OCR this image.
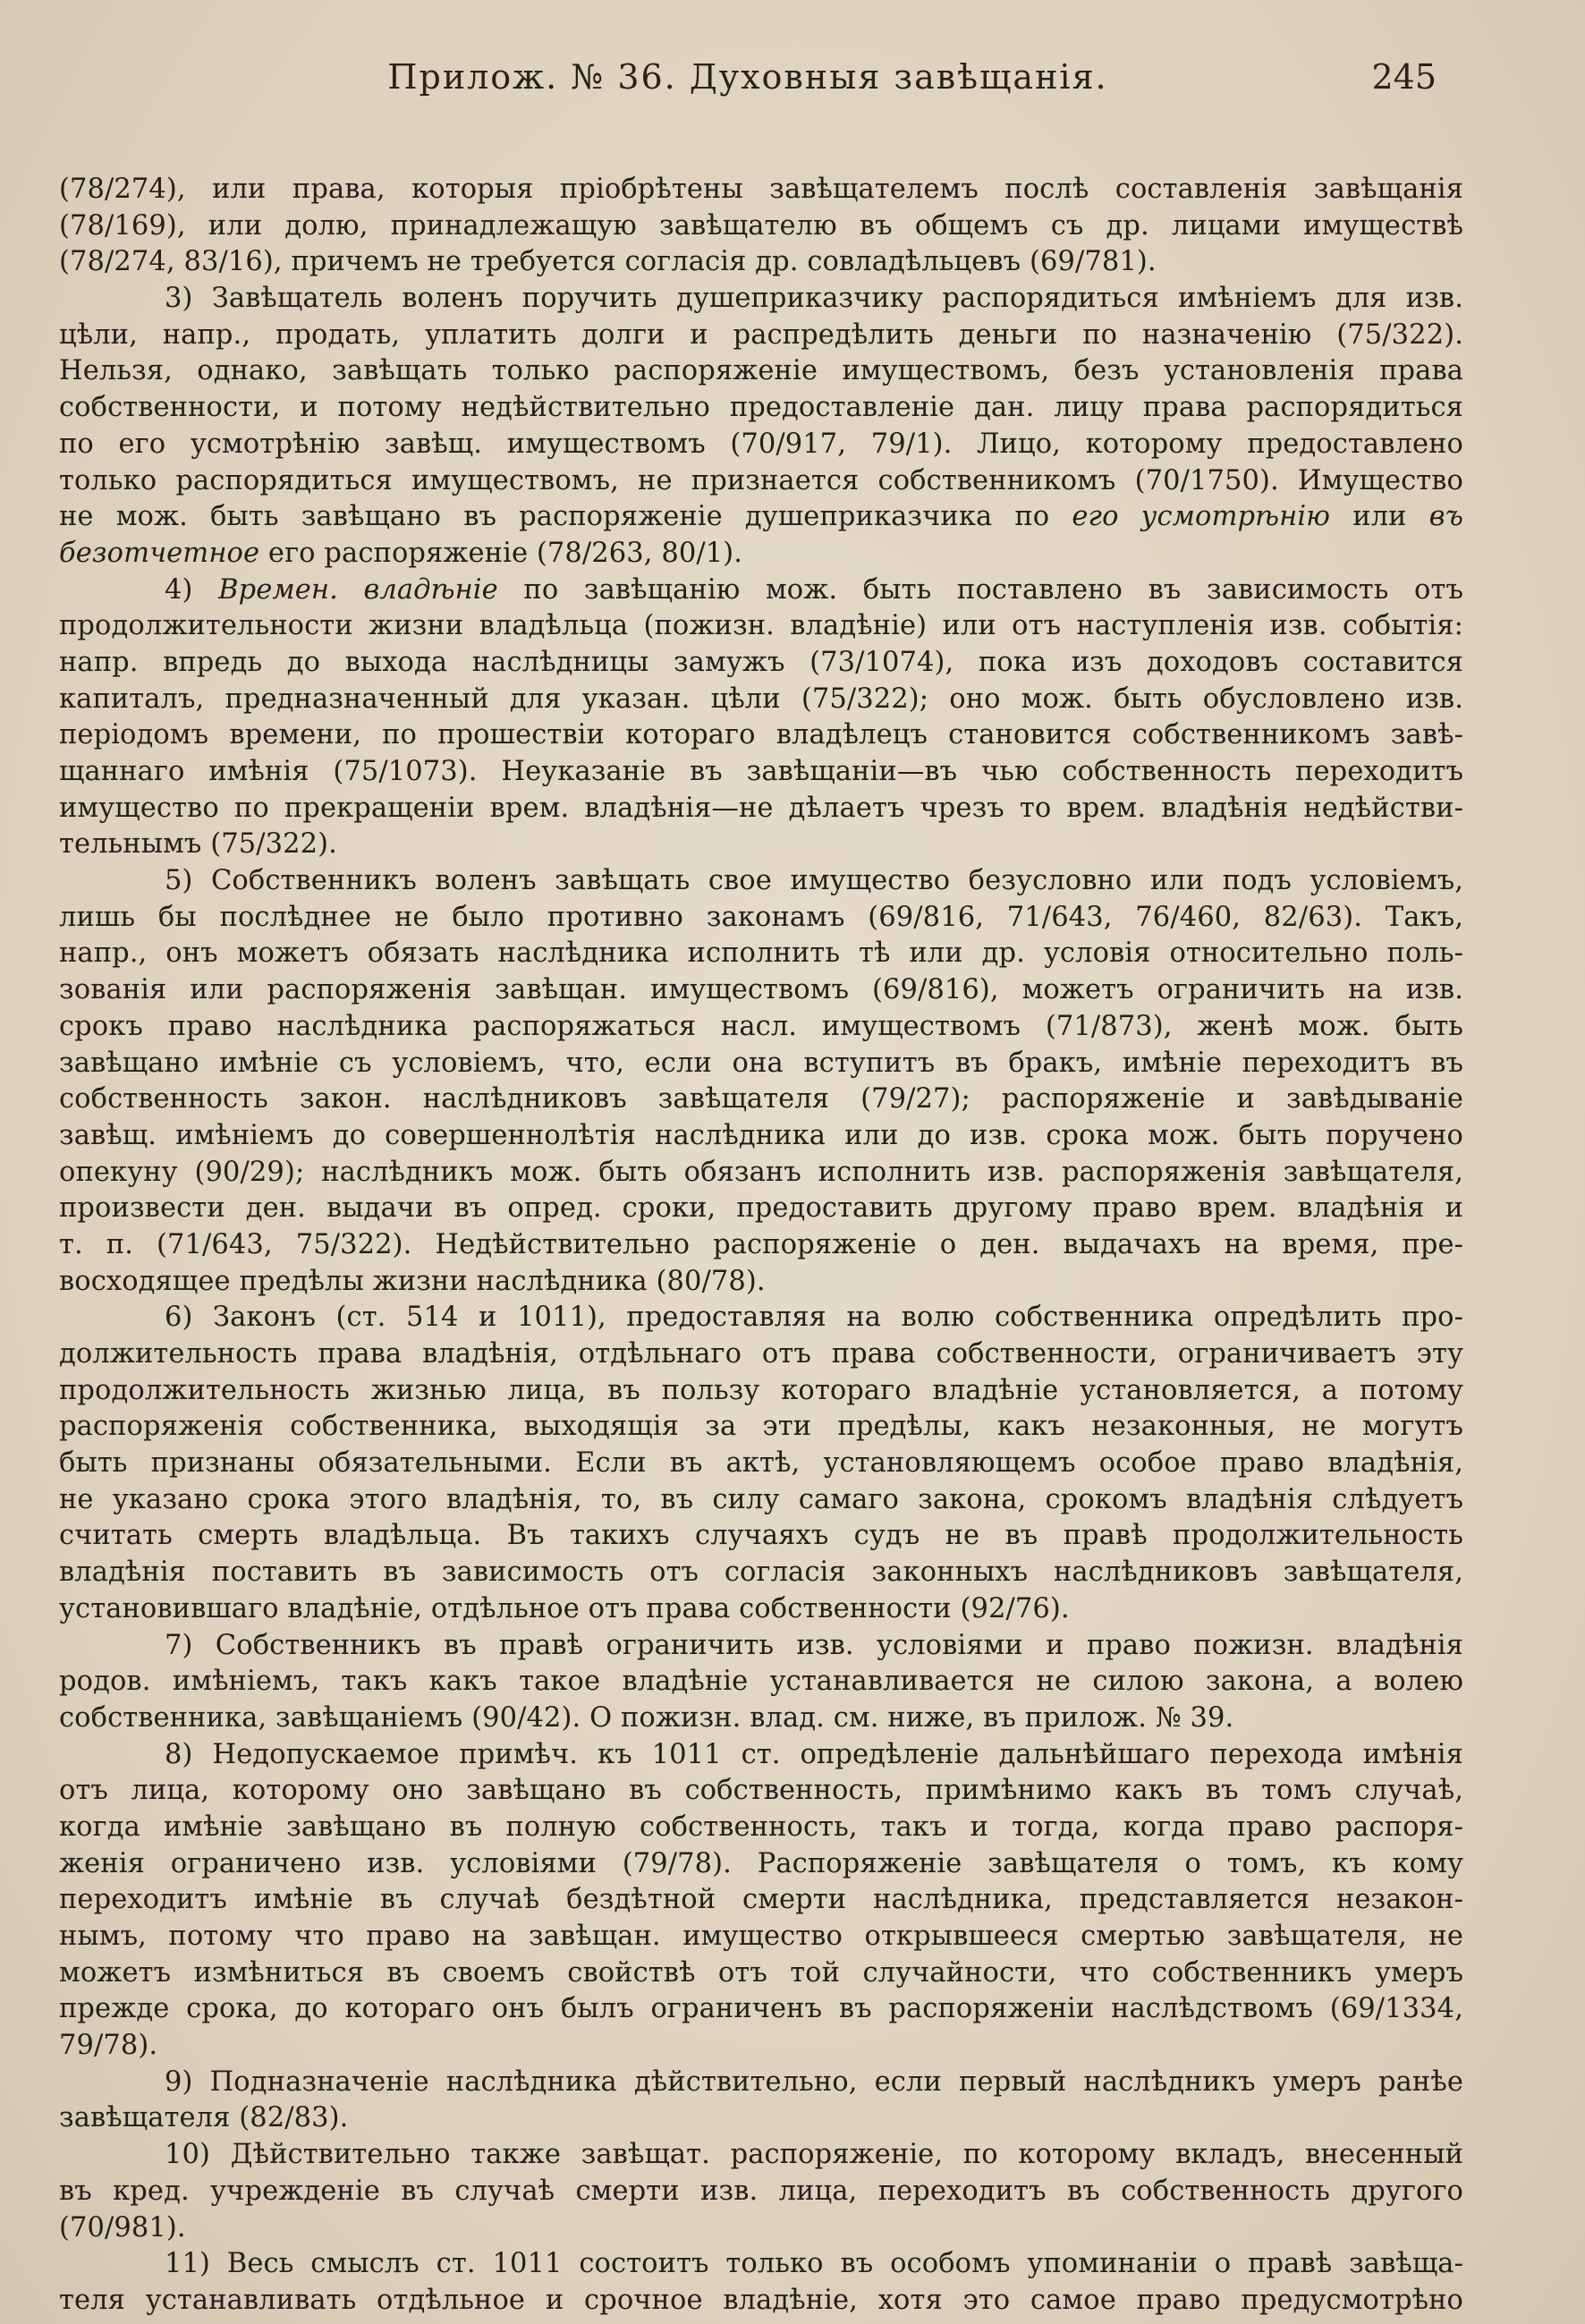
Прилож. № 36. Духовныя завѣщанія.	245
(78/274), или права, которыя пріобрѣтены завѣщателемъ послѣ составленія завѣщанія
(78/169), или долю, принадлежащую завѣщателю въ общемъ съ др. лицами имуществѣ
(78/274, 83/16), причемъ не требуется согласія др. совладѣльцевъ (69/781).
3) Завѣщатель воленъ поручить душеприказчику распорядиться имѣніемъ для изв.
цѣли, напр., продать, уплатить долги и распредѣлить деньги по назначенію (75/322).
Нельзя, однако, завѣщать только распоряженіе имуществомъ, безъ установленія права
собственности, и потому недѣйствительно предоставленіе дан. лицу права распорядиться
по его усмотрѣнію завѣщ. имуществомъ (70/917, 79/1). Лицо, которому предоставлено
только распорядиться имуществомъ, не признается собственникомъ (70/1750). Имущество
не мож. быть завѣщано въ распоряженіе душеприказчика по его усмотрѣнію или въ
безотчетное его распоряженіе (78/263, 80/1).
4) Времен. владѣніе по завѣщанію мож. быть поставлено въ зависимость отъ
продолжительности жизни владѣльца (пожизн. владѣніе) или отъ наступленія изв. событія:
напр. впредь до выхода наслѣдницы замужъ (73/1074), пока изъ доходовъ составится
капиталъ, предназначенный для указан. цѣли (75/322); оно мож. быть обусловлено изв.
періодомъ времени, по прошествіи котораго владѣлецъ становится собственникомъ завѣ-
щаннаго имѣнія (75/1073). Неуказаніе въ завѣщаніи—въ чью собственность переходитъ
имущество по прекращеніи врем. владѣнія—не дѣлаетъ чрезъ то врем. владѣнія недѣйстви-
тельнымъ (75/322).
5) Собственникъ воленъ завѣщать свое имущество безусловно или подъ условіемъ,
лишь бы послѣднее не было противно законамъ (69/816, 71/643, 76/460, 82/63). Такъ,
напр., онъ можетъ обязать наслѣдника исполнить тѣ или др. условія относительно поль-
зованія или распоряженія завѣщан. имуществомъ (69/816), можетъ ограничить на изв.
срокъ право наслѣдника распоряжаться насл. имуществомъ (71/873), женѣ мож. быть
завѣщано имѣніе съ условіемъ, что, если она вступитъ въ бракъ, имѣніе переходитъ въ
собственность закон. наслѣдниковъ завѣщателя (79/27); распоряженіе и завѣдываніе
завѣщ. имѣніемъ до совершеннолѣтія наслѣдника или до изв. срока мож. быть поручено
опекуну (90/29); наслѣдникъ мож. быть обязанъ исполнить изв. распоряженія завѣщателя,
произвести ден. выдачи въ опред. сроки, предоставить другому право врем. владѣнія и
т. п. (71/643, 75/322). Недѣйствительно распоряженіе о ден. выдачахъ на время, пре-
восходящее предѣлы жизни наслѣдника (80/78).
6) Законъ (ст. 514 и 1011), предоставляя на волю собственника опредѣлить про-
должительность права владѣнія, отдѣльнаго отъ права собственности, ограничиваетъ эту
продолжительность жизнью лица, въ пользу котораго владѣніе установляется, а потому
распоряженія собственника, выходящія за эти предѣлы, какъ незаконныя, не могутъ
быть признаны обязательными. Если въ актѣ, установляющемъ особое право владѣнія,
не указано срока этого владѣнія, то, въ силу самаго закона, срокомъ владѣнія слѣдуетъ
считать смерть владѣльца. Въ такихъ случаяхъ судъ не въ правѣ продолжительность
владѣнія поставить въ зависимость отъ согласія законныхъ наслѣдниковъ завѣщателя,
установившаго владѣніе, отдѣльное отъ права собственности (92/76).
7) Собственникъ въ правѣ ограничить изв. условіями и право пожизн. владѣнія
родов. имѣніемъ, такъ какъ такое владѣніе устанавливается не силою закона, а волею
собственника, завѣщаніемъ (90/42). О пожизн. влад. см. ниже, въ прилож. № 39.
8) Недопускаемое примѣч. къ 1011 ст. опредѣленіе дальнѣйшаго перехода имѣнія
отъ лица, которому оно завѣщано въ собственность, примѣнимо какъ въ томъ случаѣ,
когда имѣніе завѣщано въ полную собственность, такъ и тогда, когда право распоря-
женія ограничено изв. условіями (79/78). Распоряженіе завѣщателя о томъ, къ кому
переходитъ имѣніе въ случаѣ бездѣтной смерти наслѣдника, представляется незакон-
нымъ, потому что право на завѣщан. имущество открывшееся смертью завѣщателя, не
можетъ измѣниться въ своемъ свойствѣ отъ той случайности, что собственникъ умеръ
прежде срока, до котораго онъ былъ ограниченъ въ распоряженіи наслѣдствомъ (69/1334,
79/78).
9) Подназначеніе наслѣдника дѣйствительно, если первый наслѣдникъ умеръ ранѣе
завѣщателя (82/83).
10) Дѣйствительно также завѣщат. распоряженіе, по которому вкладъ, внесенный
въ кред. учрежденіе въ случаѣ смерти изв. лица, переходитъ въ собственность другого
(70/981).
11) Весь смыслъ ст. 1011 состоитъ только въ особомъ упоминаніи о правѣ завѣща-
теля устанавливать отдѣльное и срочное владѣніе, хотя это самое право предусмотрѣно
